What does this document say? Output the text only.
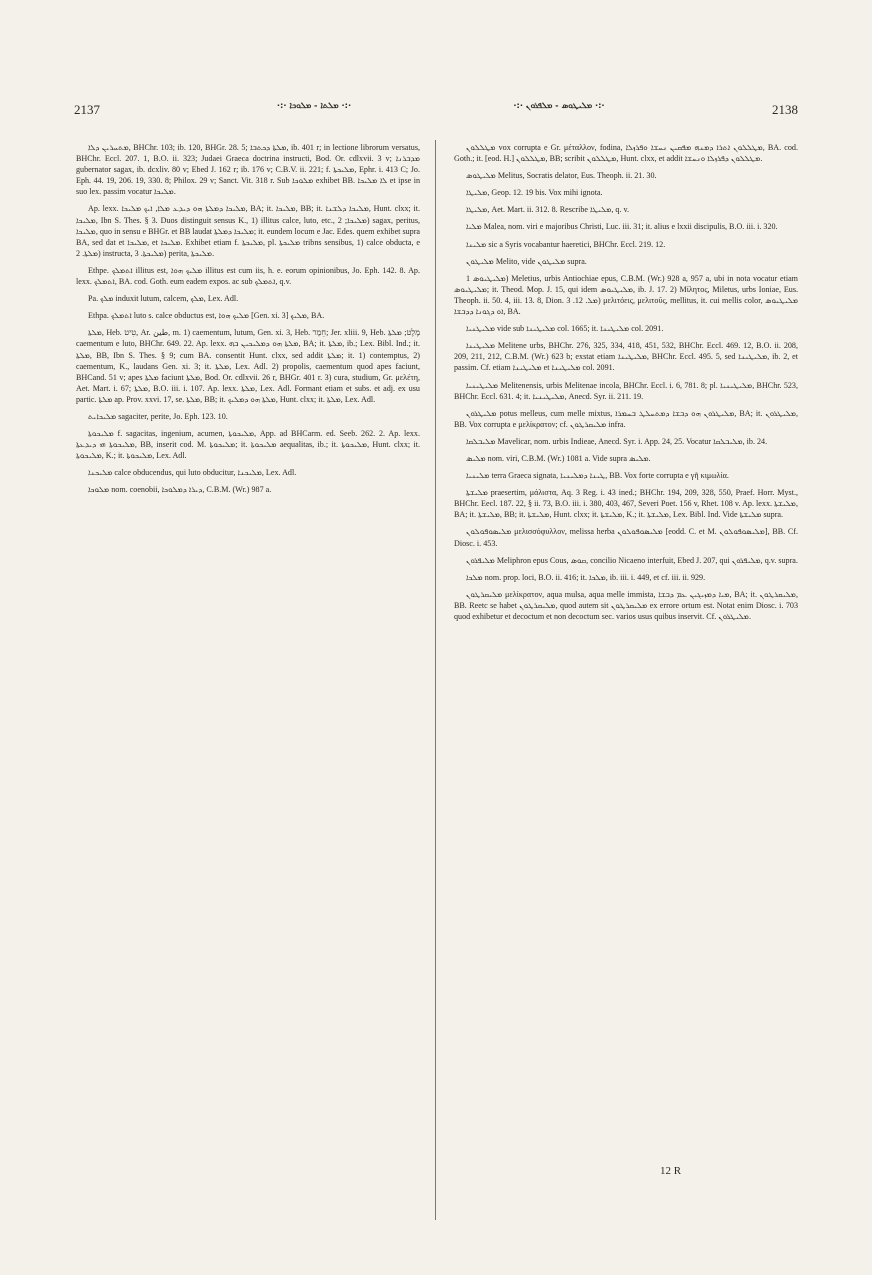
2137	·:· ܡܠܬܐ - ܡܠܘܟܐ ·:·	·:· ܡܠܝܛܘܣ - ܡܠܦܪܘܢ ·:·	2138

ܡܬܚܪܝܢ ܕܠܐ, BHChr. 103; ib. 120, BHGr. 28. 5; ܡܠܬܐ ܕܟܬܒܐ, ib. 401 r; in lectione librorum versatus, BHChr. Eccl. 207. 1, B.O. ii. 323; Judaei Graeca doctrina instructi, Bod. Or. cdlxvii. 3 v; ܡܕܒܪܢܐ gubernator sagax, ib. dcxliv. 80 v; Ebed J. 162 r; ib. 176 v; C.B.V. ii. 221; f. ܡܠܝܟܬܐ, Ephr. i. 413 C; Jo. Eph. 44. 19, 206. 19, 330. 8; Philox. 29 v; Sanct. Vit. 318 r. Sub ܡܠܘܟܐ exhibet BB. ܠܐ ܡܠܝܟܐ et ipse in suo lex. passim vocatur ܡܠܝܟܐ.

Ap. lexx. ܡܠܝܟܐ ܕܡܠܬܐ ܗܘ ܕܝܕܥ ܡܠܐ, ܐܝܟ ܡܠܝܟܐ, BA; it. ܡܠܝܟܐ, BB; it. ܡܠܝܟܐ ܕܠܫܢܐ, Hunt. clxx; it. ܡܠܝܟܐ, Ibn S. Thes. § 3. Duos distinguit sensus K., 1) illitus calce, luto, etc., ܡܠܝܟܐ; 2) sagax, peritus, ܡܠܝܟܐ, quo in sensu e BHGr. et BB laudat ܡܠܝܟܐ ܕܡܠܬܐ; it. eundem locum e Jac. Edes. quem exhibet supra BA, sed dat et ܡܠܝܟܐ, et ܡܠܝܟܐ. Exhibet etiam f. ܡܠܝܟܬܐ, pl. ܡܠܝܟܬܐ tribns sensibus, 1) calce obducta, e ܡܠܬܐ. 2) instructa, ܡܠܝܟܬܐ. 3) perita, ܡܠܝܟܬܐ.

Ethpe. ܐܬܡܠܟ illitus est, ܡܠܝܟ ܗܘܐ illitus est cum iis, h. e. eorum opinionibus, Jo. Eph. 142. 8. Ap. lexx. ܐܬܡܠܟ, BA. cod. Goth. eum eadem expos. ac sub ܐܬܡܠܟ, q.v.

Pa. ܡܠܟ induxit lutum, calcem, ܡܠܟ, Lex. Adl.

Ethpa. ܐܬܡܠܟ luto s. calce obductus est, ܡܠܝܟ ܗܘܐ [Gen. xi. 3] ܡܠܝܟ, BA.

ܡܠܬܐ, Heb. טִיט, Ar. طين, m. 1) caementum, lutum, Gen. xi. 3, Heb. חֵמָר; Jer. xliii. 9, Heb. מֶלֶט; ܡܠܬܐ caementum e luto, BHChr. 649. 22. Ap. lexx. ܡܠܬܐ ܗܘ ܕܡܠܝܟܝܢ ܒܗ, BA; it. ܡܠܬܐ, ib.; Lex. Bibl. Ind.; it. ܡܠܬܐ, BB, Ibn S. Thes. § 9; cum BA. consentit Hunt. clxx, sed addit ܡܠܬܐ; it. 1) contemptus, 2) caementum, K., laudans Gen. xi. 3; it. ܡܠܬܐ, Lex. Adl. 2) propolis, caementum quod apes faciunt, BHCand. 51 v; apes ܡܠܬܐ faciunt ܡܠܬܐ, Bod. Or. cdlxvii. 26 r, BHGr. 401 r. 3) cura, studium, Gr. μελέτη, Aet. Mart. i. 67; ܡܠܬܐ, B.O. iii. i. 107. Ap. lexx. ܡܠܬܐ, Lex. Adl. Formant etiam et subs. et adj. ex usu partic. ܡܠܬܐ ap. Prov. xxvi. 17, se. ܡܠܬܐ, BB; it. ܡܠܬܐ ܗܘ ܕܡܠܝܟ, Hunt. clxx; it. ܡܠܬܐ, Lex. Adl.

ܡܠܝܟܐܝܬ sagaciter, perite, Jo. Eph. 123. 10.

ܡܠܝܟܘܬܐ f. sagacitas, ingenium, acumen, ܡܠܝܟܘܬܐ, App. ad BHCarm. ed. Seeb. 262. 2. Ap. lexx. ܡܠܝܟܘܬܐ ܗܝ ܕܝܕܥܬܐ, BB, inserit cod. M. ܡܠܝܟܘܬܐ; it. ܡܠܝܟܘܬܐ aequalitas, ib.; it. ܡܠܝܟܘܬܐ, Hunt. clxx; it. ܡܠܝܟܘܬܐ, K.; it. ܡܠܝܟܘܬܐ, Lex. Adl.

ܡܠܝܟܢܐ calce obducendus, qui luto obducitur, ܡܠܝܟܢܐ, Lex. Adl.

ܡܠܘܟܐ nom. coenobii, ܕܝܪܐ ܕܡܠܘܟܐ, C.B.M. (Wr.) 987 a.

ܡܛܠܠܘܢ vox corrupta e Gr. μέταλλον, fodina, ܡܛܠܠܘܢ ܐܬܪܐ ܕܡܢܗ ܡܦܩܝܢ ܢܚܫܐ ܘܦܪܙܠܐ, BA. cod. Goth.; it. [eod. H.] ܡܛܠܠܘܢ, BB; scribit ܡܛܠܠܘܢ, Hunt. clxx, et addit ܡܛܠܠܘܢ ܕܦܪܙܠܐ ܘܢܚܫܐ.

ܡܠܝܛܘܣ Melitus, Socratis delator, Eus. Theoph. ii. 21. 30.

ܡܠܝܛܐ, Geop. 12. 19 bis. Vox mihi ignota.

ܡܠܝܛܐ, Aet. Mart. ii. 312. 8. Rescribe ܡܠܝܛܐ, q. v.

ܡܠܝܐ Malea, nom. viri e majoribus Christi, Luc. iii. 31; it. alius e lxxii discipulis, B.O. iii. i. 320.

ܡܠܝܢܐ sic a Syris vocabantur haeretici, BHChr. Eccl. 219. 12.

ܡܠܝܛܘܢ Melito, vide ܡܠܝܛܘܢ supra.

ܡܠܝܛܝܘܣ 1) Meletius, urbis Antiochiae epus, C.B.M. (Wr.) 928 a, 957 a, ubi in nota vocatur etiam ܡܠܝܛܝܘܣ; it. Theod. Mop. J. 15, qui idem ܡܠܝܛܝܘܣ, ib. J. 17. 2) Μίλητος, Miletus, urbs Ioniae, Eus. Theoph. ii. 50. 4, iii. 13. 8, Dion. ܡܠ. 12. 3) μελιτόεις, μελιτοῦς, mellitus, it. cui mellis color, ܡܠܝܛܝܘܣ ܐܘ ܕܓܘܢܐ ܕܕܒܫܐ, BA.

ܡܠܝܛܢܝܐ vide sub ܡܠܝܛܝܢܐ col. 1665; it. ܡܠܝܛܝܢܐ col. 2091.

ܡܠܝܛܝܢܐ Melitene urbs, BHChr. 276, 325, 334, 418, 451, 532, BHChr. Eccl. 469. 12, B.O. ii. 208, 209, 211, 212, C.B.M. (Wr.) 623 b; exstat etiam ܡܠܝܛܝܢܐ, BHChr. Eccl. 495. 5, sed ܡܠܝܛܝܢܐ, ib. 2, et passim. Cf. etiam ܡܠܝܛܝܢܐ et ܡܠܝܛܝܢܐ col. 2091.

ܡܠܝܛܝܢܝܐ Melitenensis, urbis Melitenae incola, BHChr. Eccl. i. 6, 781. 8; pl. ܡܠܝܛܝܢܝܐ, BHChr. 523, BHChr. Eccl. 631. 4; it. ܡܠܝܛܝܢܝܐ, Anecd. Syr. ii. 211. 19.

ܡܠܝܛܪܘܢ potus melleus, cum melle mixtus, ܡܠܝܛܪܘܢ ܗܘ ܕܒܫܐ ܕܡܬܚܠܛ ܒܚܡܪܐ, BA; it. ܡܠܝܛܪܘܢ, BB. Vox corrupta e μελίκρατον; cf. ܡܠܝܩܪܛܘܢ infra.

ܡܠܝܒܠܩܐ Mavelicar, nom. urbis Indieae, Anecd. Syr. i. App. 24, 25. Vocatur ܡܠܝܒܠܩܐ, ib. 24.

ܡܠܝܣ nom. viri, C.B.M. (Wr.) 1081 a. Vide supra ܡܠܝܣ.

ܡܠܝܢܝܐ terra Graeca signata, ܛܝܢܐ ܕܡܠܝܢܝܐ, BB. Vox forte corrupta e γῆ κιμωλία.

ܡܠܝܫܬܐ praesertim, μάλιστα, Aq. 3 Reg. i. 43 ined.; BHChr. 194, 209, 328, 550, Praef. Horr. Myst., BHChr. Eecl. 187. 22, § ii. 73, B.O. iii. i. 380, 403, 467, Severi Poet. 156 v, Rhet. 108 v. Ap. lexx. ܡܠܝܫܬܐ, BA; it. ܡܠܝܫܬܐ, BB; it. ܡܠܝܫܬܐ, Hunt. clxx; it. ܡܠܝܫܬܐ, K.; it. ܡܠܝܫܬܐ, Lex. Bibl. Ind. Vide ܡܠܝܫܬܐ supra.

ܡܠܝܣܘܦܘܠܘܢ μελισσόφυλλον, melissa herba ܡܠܝܣܘܦܘܠܘܢ [eodd. C. et M. ܡܠܝܣܘܦܘܠܘܢ], BB. Cf. Diosc. i. 453.

ܡܠܝܦܪܘܢ Meliphron epus Cous, ܩܘܣ, concilio Nicaeno interfuit, Ebed J. 207, qui ܡܠܝܦܪܘܢ, q.v. supra.

ܡܠܟܐ nom. prop. loci, B.O. ii. 416; it. ܡܠܟܐ, ib. iii. i. 449, et cf. iii. ii. 929.

ܡܠܝܩܪܛܘܢ μελίκρατον, aqua mulsa, aqua melle immista, ܡܝܐ ܕܡܙܝܓܝܢ ܥܡ ܕܒܫܐ, BA; it. ܡܠܝܩܪܛܘܢ, BB. Reetc se habet ܡܠܝܩܪܛܘܢ, quod autem sit ܡܠܝܩܪܛܘܢ ex errore ortum est. Notat enim Diosc. i. 703 quod exhibetur et decoctum et non decoctum sec. varios usus quibus inservit. Cf. ܡܠܝܛܪܘܢ.

12 R
